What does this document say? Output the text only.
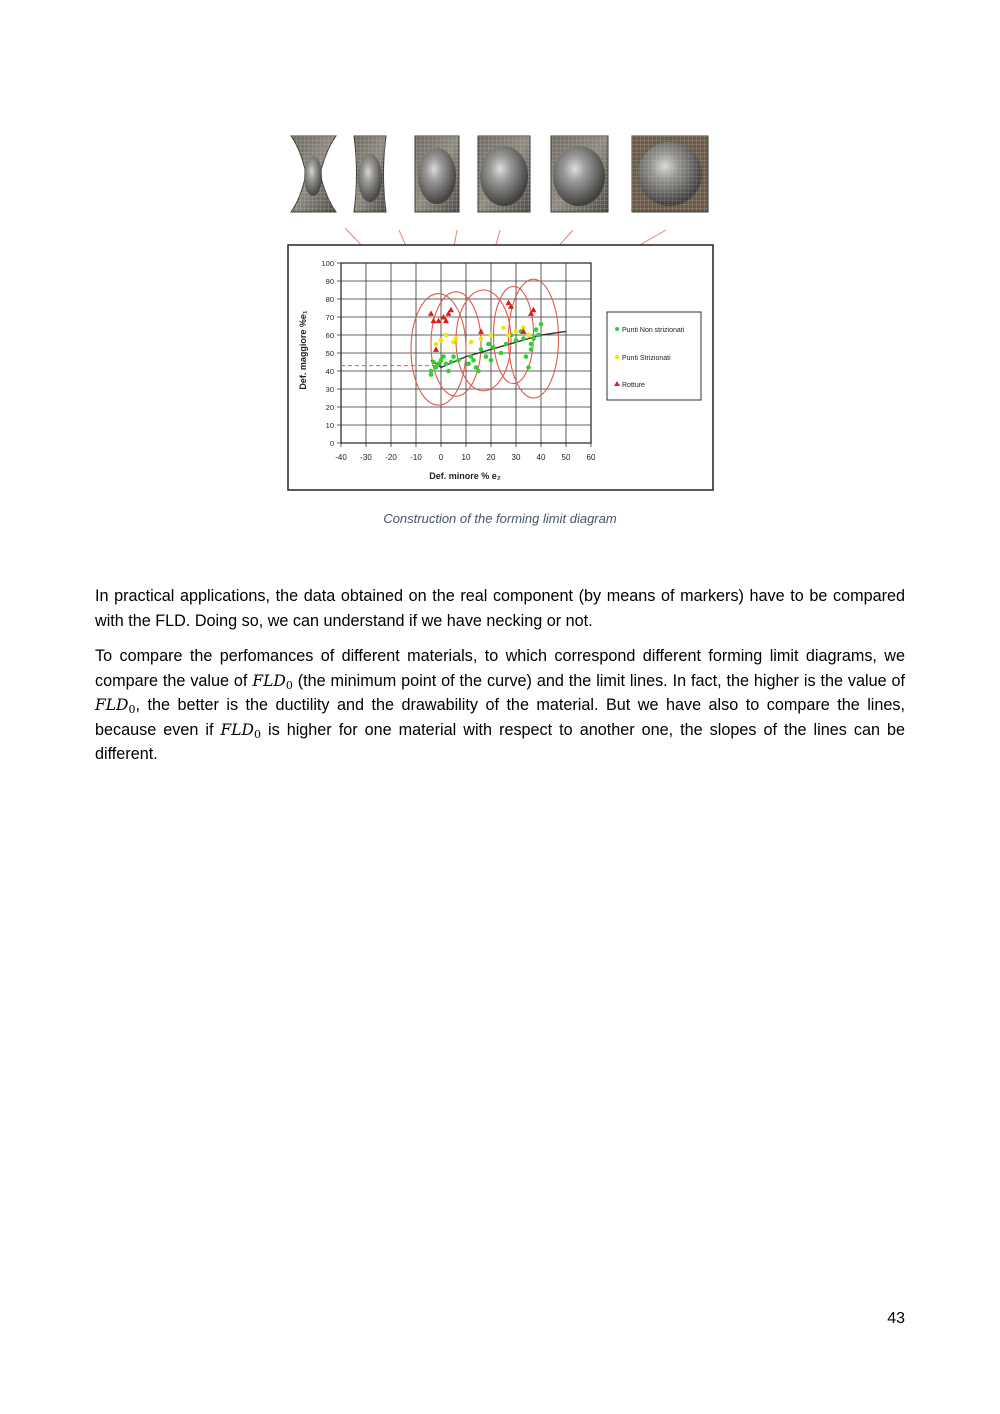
-40 -30 -20 -10 0 10 20 30 40 50 60
0
10
20
30
40
50
60
70
80
90
100
Def. minore % e₂
Def. maggiore %e₁	Punti Non strizionati
Punti Strizionati
Rotture
Construction of the forming limit diagram

In practical applications, the data obtained on the real component (by means of markers) have to be compared with the FLD. Doing so, we can understand if we have necking or not.

To compare the perfomances of different materials, to which correspond different forming limit diagrams, we compare the value of $FLD_0$ (the minimum point of the curve) and the limit lines. In fact, the higher is the value of $FLD_0$, the better is the ductility and the drawability of the material. But we have also to compare the lines, because even if $FLD_0$ is higher for one material with respect to another one, the slopes of the lines can be different.

43
